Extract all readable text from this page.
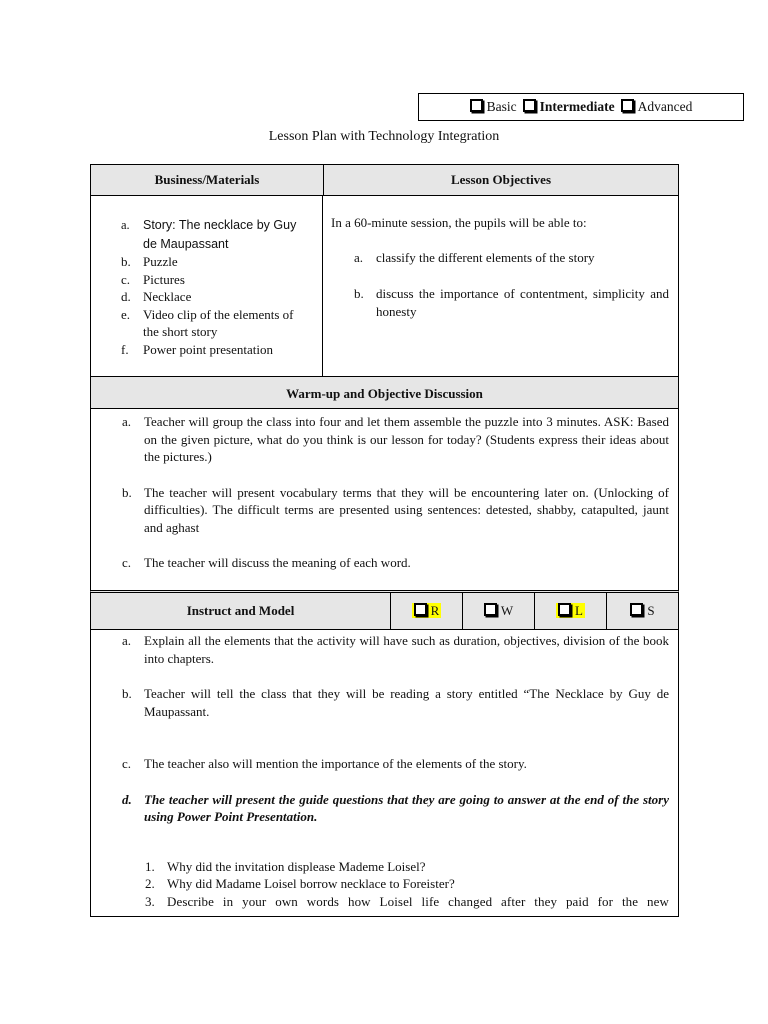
Basic	Intermediate	Advanced
Lesson Plan with Technology Integration
Business/Materials	Lesson Objectives
a. Story: The necklace by Guy de Maupassant
b. Puzzle
c. Pictures
d. Necklace
e. Video clip of the elements of the short story
f. Power point presentation
In a 60-minute session, the pupils will be able to:
a. classify the different elements of the story
b. discuss the importance of contentment, simplicity and honesty
Warm-up and Objective Discussion
a. Teacher will group the class into four and let them assemble the puzzle into 3 minutes. ASK: Based on the given picture, what do you think is our lesson for today? (Students express their ideas about the pictures.)
b. The teacher will present vocabulary terms that they will be encountering later on. (Unlocking of difficulties). The difficult terms are presented using sentences: detested, shabby, catapulted, jaunt and aghast
c. The teacher will discuss the meaning of each word.
Instruct and Model	R	W	L	S
a. Explain all the elements that the activity will have such as duration, objectives, division of the book into chapters.
b. Teacher will tell the class that they will be reading a story entitled “The Necklace by Guy de Maupassant.
c. The teacher also will mention the importance of the elements of the story.
d. The teacher will present the guide questions that they are going to answer at the end of the story using Power Point Presentation.
1. Why did the invitation displease Mademe Loisel?
2. Why did Madame Loisel borrow necklace to Foreister?
3. Describe in your own words how Loisel life changed after they paid for the new
